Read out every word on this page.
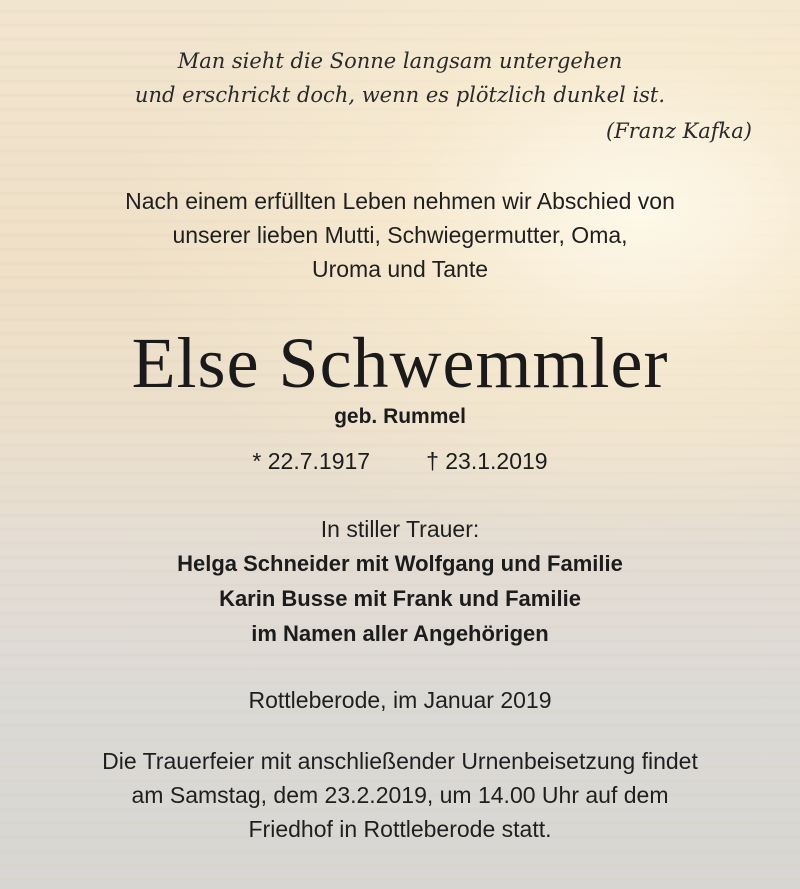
Man sieht die Sonne langsam untergehen
und erschrickt doch, wenn es plötzlich dunkel ist.
(Franz Kafka)
Nach einem erfüllten Leben nehmen wir Abschied von
unserer lieben Mutti, Schwiegermutter, Oma,
Uroma und Tante
Else Schwemmler
geb. Rummel
* 22.7.1917 † 23.1.2019
In stiller Trauer:
Helga Schneider mit Wolfgang und Familie
Karin Busse mit Frank und Familie
im Namen aller Angehörigen
Rottleberode, im Januar 2019
Die Trauerfeier mit anschließender Urnenbeisetzung findet
am Samstag, dem 23.2.2019, um 14.00 Uhr auf dem
Friedhof in Rottleberode statt.
